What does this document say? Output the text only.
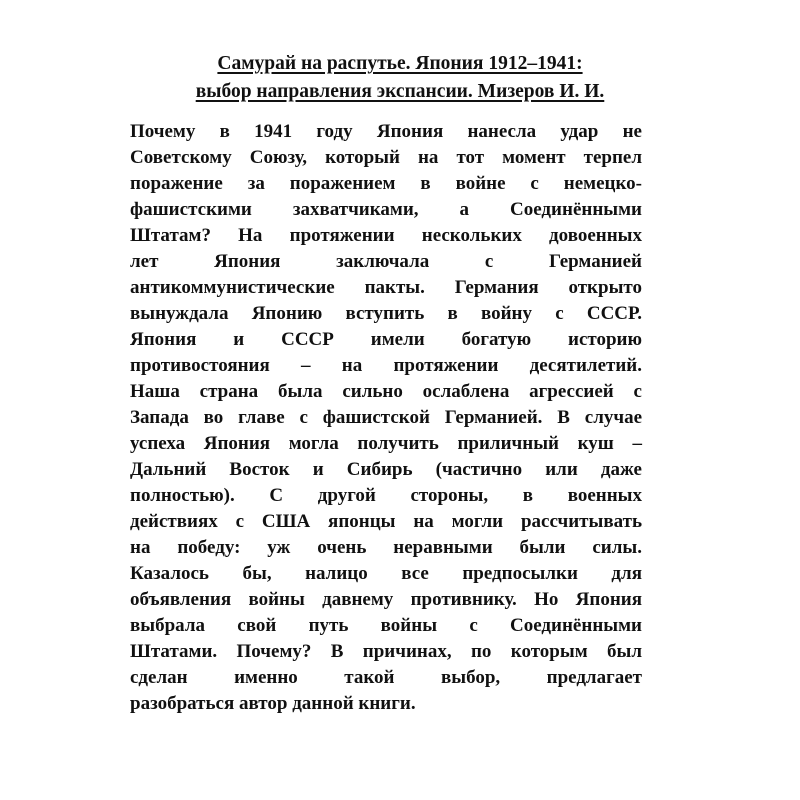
Самурай на распутье. Япония 1912–1941:
выбор направления экспансии. Мизеров И. И.
Почему в 1941 году Япония нанесла удар не
Советскому Союзу, который на тот момент терпел
поражение за поражением в войне с немецко-
фашистскими захватчиками, а Соединёнными
Штатам? На протяжении нескольких довоенных
лет Япония заключала с Германией
антикоммунистические пакты. Германия открыто
вынуждала Японию вступить в войну с СССР.
Япония и СССР имели богатую историю
противостояния – на протяжении десятилетий.
Наша страна была сильно ослаблена агрессией с
Запада во главе с фашистской Германией. В случае
успеха Япония могла получить приличный куш –
Дальний Восток и Сибирь (частично или даже
полностью). С другой стороны, в военных
действиях с США японцы на могли рассчитывать
на победу: уж очень неравными были силы.
Казалось бы, налицо все предпосылки для
объявления войны давнему противнику. Но Япония
выбрала свой путь войны с Соединёнными
Штатами. Почему? В причинах, по которым был
сделан именно такой выбор, предлагает
разобраться автор данной книги.
